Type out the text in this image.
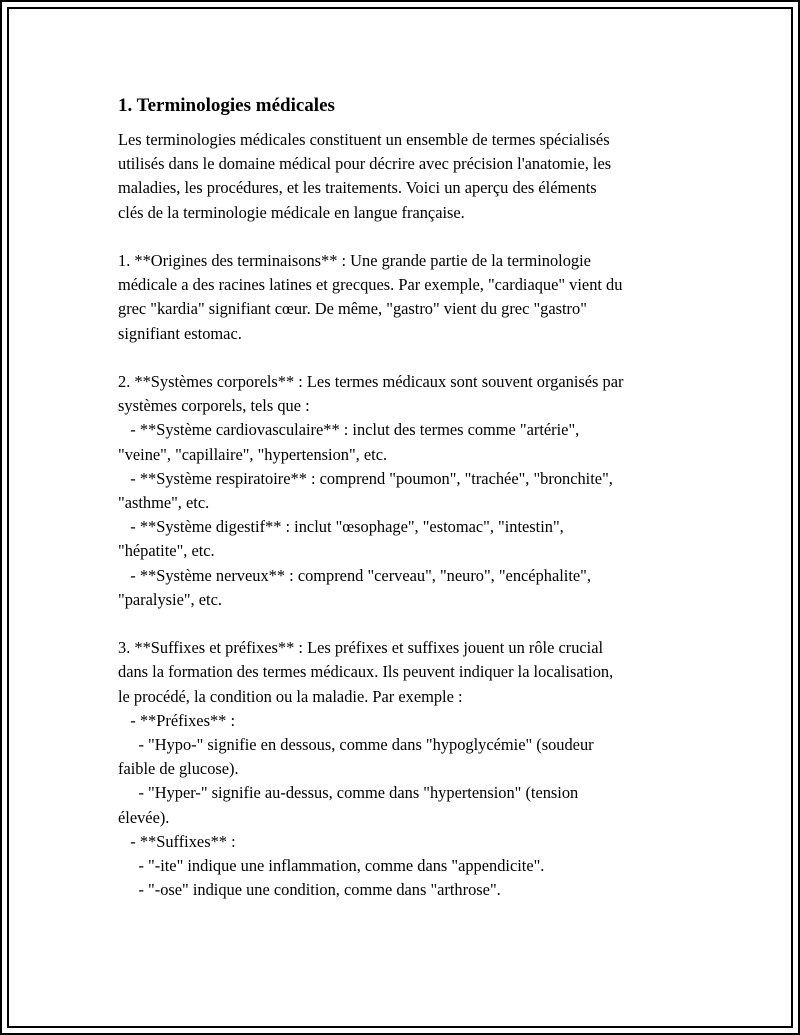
1. Terminologies médicales

Les terminologies médicales constituent un ensemble de termes spécialisés
utilisés dans le domaine médical pour décrire avec précision l'anatomie, les
maladies, les procédures, et les traitements. Voici un aperçu des éléments
clés de la terminologie médicale en langue française.

1. **Origines des terminaisons** : Une grande partie de la terminologie
médicale a des racines latines et grecques. Par exemple, "cardiaque" vient du
grec "kardia" signifiant cœur. De même, "gastro" vient du grec "gastro"
signifiant estomac.

2. **Systèmes corporels** : Les termes médicaux sont souvent organisés par
systèmes corporels, tels que :
- **Système cardiovasculaire** : inclut des termes comme "artérie",
"veine", "capillaire", "hypertension", etc.
- **Système respiratoire** : comprend "poumon", "trachée", "bronchite",
"asthme", etc.
- **Système digestif** : inclut "œsophage", "estomac", "intestin",
"hépatite", etc.
- **Système nerveux** : comprend "cerveau", "neuro", "encéphalite",
"paralysie", etc.

3. **Suffixes et préfixes** : Les préfixes et suffixes jouent un rôle crucial
dans la formation des termes médicaux. Ils peuvent indiquer la localisation,
le procédé, la condition ou la maladie. Par exemple :
- **Préfixes** :
- "Hypo-" signifie en dessous, comme dans "hypoglycémie" (soudeur
faible de glucose).
- "Hyper-" signifie au-dessus, comme dans "hypertension" (tension
élevée).
- **Suffixes** :
- "-ite" indique une inflammation, comme dans "appendicite".
- "-ose" indique une condition, comme dans "arthrose".
